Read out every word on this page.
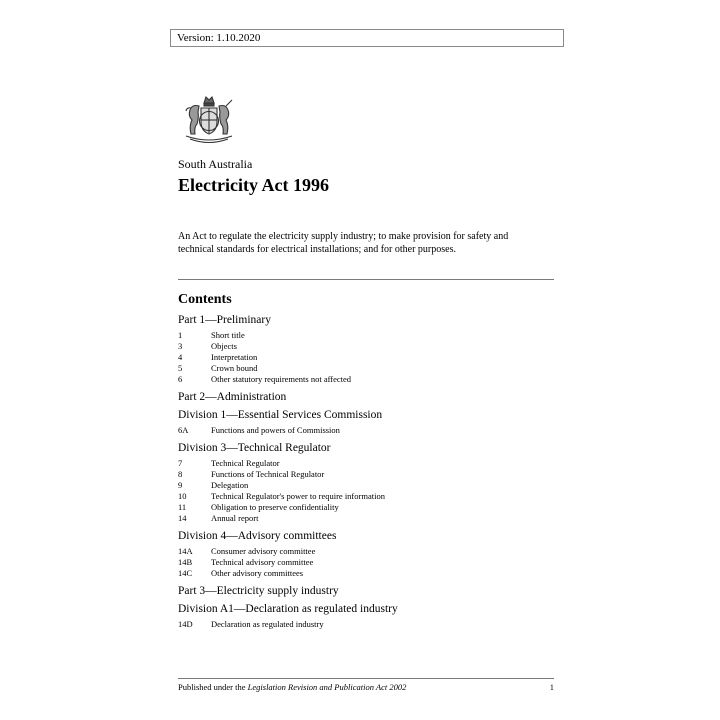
Version: 1.10.2020
South Australia
Electricity Act 1996

An Act to regulate the electricity supply industry; to make provision for safety and technical standards for electrical installations; and for other purposes.

Contents
Part 1—Preliminary
1	Short title
3	Objects
4	Interpretation
5	Crown bound
6	Other statutory requirements not affected
Part 2—Administration
Division 1—Essential Services Commission
6A	Functions and powers of Commission
Division 3—Technical Regulator
7	Technical Regulator
8	Functions of Technical Regulator
9	Delegation
10	Technical Regulator's power to require information
11	Obligation to preserve confidentiality
14	Annual report
Division 4—Advisory committees
14A	Consumer advisory committee
14B	Technical advisory committee
14C	Other advisory committees
Part 3—Electricity supply industry
Division A1—Declaration as regulated industry
14D	Declaration as regulated industry
Published under the Legislation Revision and Publication Act 2002	1
